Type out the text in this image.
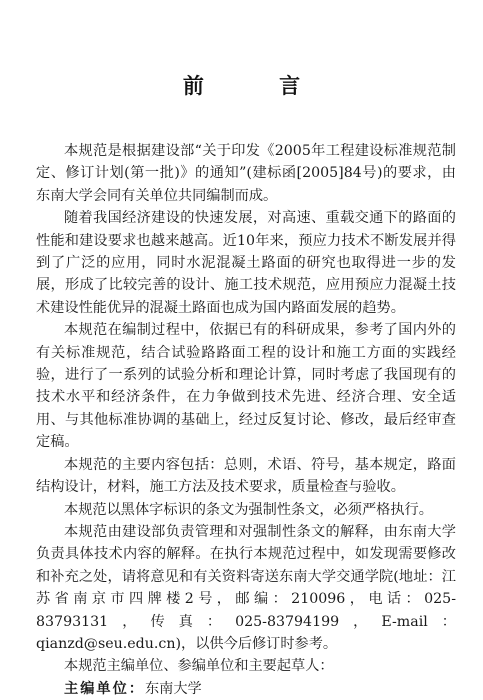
前 言

本规范是根据建设部“关于印发《2005年工程建设标准规范制定、修订计划(第一批)》的通知”(建标函[2005]84号)的要求，由东南大学会同有关单位共同编制而成。

随着我国经济建设的快速发展，对高速、重载交通下的路面的性能和建设要求也越来越高。近10年来，预应力技术不断发展并得到了广泛的应用，同时水泥混凝土路面的研究也取得进一步的发展，形成了比较完善的设计、施工技术规范，应用预应力混凝土技术建设性能优异的混凝土路面也成为国内路面发展的趋势。

本规范在编制过程中，依据已有的科研成果，参考了国内外的有关标准规范，结合试验路路面工程的设计和施工方面的实践经验，进行了一系列的试验分析和理论计算，同时考虑了我国现有的技术水平和经济条件，在力争做到技术先进、经济合理、安全适用、与其他标准协调的基础上，经过反复讨论、修改，最后经审查定稿。

本规范的主要内容包括：总则，术语、符号，基本规定，路面结构设计，材料，施工方法及技术要求，质量检查与验收。

本规范以黑体字标识的条文为强制性条文，必须严格执行。

本规范由建设部负责管理和对强制性条文的解释，由东南大学负责具体技术内容的解释。在执行本规范过程中，如发现需要修改和补充之处，请将意见和有关资料寄送东南大学交通学院(地址：江苏省南京市四牌楼2号，邮编：210096，电话：025-83793131，传真：025-83794199，E-mail：qianzd@seu.edu.cn)，以供今后修订时参考。

本规范主编单位、参编单位和主要起草人：

主编单位：东南大学
